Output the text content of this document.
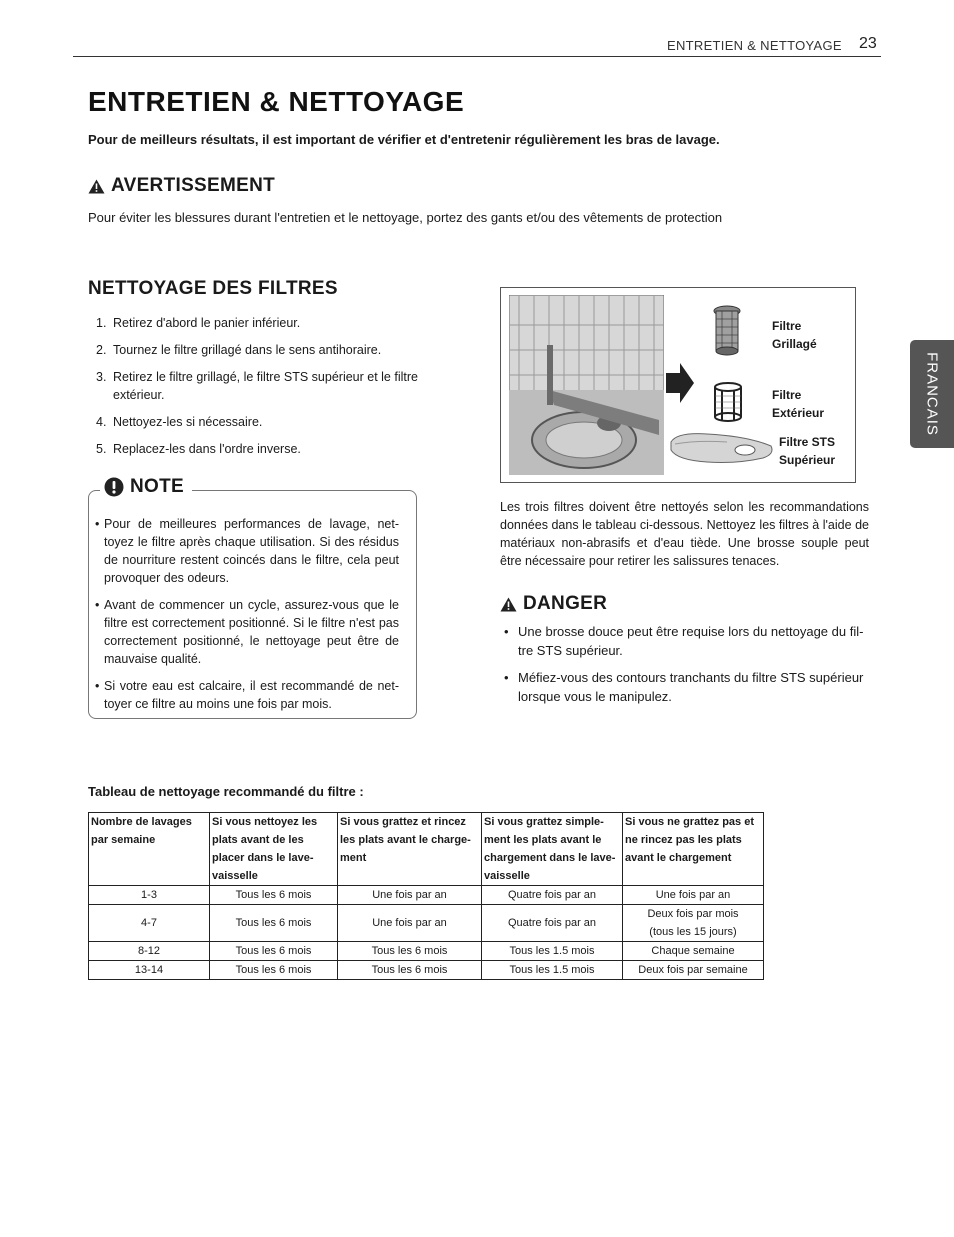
ENTRETIEN & NETTOYAGE 23
ENTRETIEN & NETTOYAGE
Pour de meilleurs résultats, il est important de vérifier et d'entretenir régulièrement les bras de lavage.
AVERTISSEMENT
Pour éviter les blessures durant l'entretien et le nettoyage, portez des gants et/ou des vêtements de protection
NETTOYAGE DES FILTRES
1. Retirez d'abord le panier inférieur.
2. Tournez le filtre grillagé dans le sens antihoraire.
3. Retirez le filtre grillagé, le filtre STS supérieur et le filtre extérieur.
4. Nettoyez-les si nécessaire.
5. Replacez-les dans l'ordre inverse.
NOTE
• Pour de meilleures performances de lavage, net-toyez le filtre après chaque utilisation. Si des résidus de nourriture restent coincés dans le filtre, cela peut provoquer des odeurs.
• Avant de commencer un cycle, assurez-vous que le filtre est correctement positionné. Si le filtre n'est pas correctement positionné, le nettoyage peut être de mauvaise qualité.
• Si votre eau est calcaire, il est recommandé de net-toyer ce filtre au moins une fois par mois.
Filtre
Grillagé
Filtre
Extérieur
Filtre STS
Supérieur
Les trois filtres doivent être nettoyés selon les recommandations données dans le tableau ci-dessous. Nettoyez les filtres à l'aide de matériaux non-abrasifs et d'eau tiède. Une brosse souple peut être nécessaire pour retirer les salissures tenaces.
DANGER
• Une brosse douce peut être requise lors du nettoyage du fil-tre STS supérieur.
• Méfiez-vous des contours tranchants du filtre STS supérieur lorsque vous le manipulez.
FRANCAIS
Tableau de nettoyage recommandé du filtre :
Nombre de lavages par semaine	Si vous nettoyez les plats avant de les placer dans le lave-vaisselle	Si vous grattez et rincez les plats avant le charge-ment	Si vous grattez simple-ment les plats avant le chargement dans le lave-vaisselle	Si vous ne grattez pas et ne rincez pas les plats avant le chargement
1-3	Tous les 6 mois	Une fois par an	Quatre fois par an	Une fois par an
4-7	Tous les 6 mois	Une fois par an	Quatre fois par an	Deux fois par mois (tous les 15 jours)
8-12	Tous les 6 mois	Tous les 6 mois	Tous les 1.5 mois	Chaque semaine
13-14	Tous les 6 mois	Tous les 6 mois	Tous les 1.5 mois	Deux fois par semaine
